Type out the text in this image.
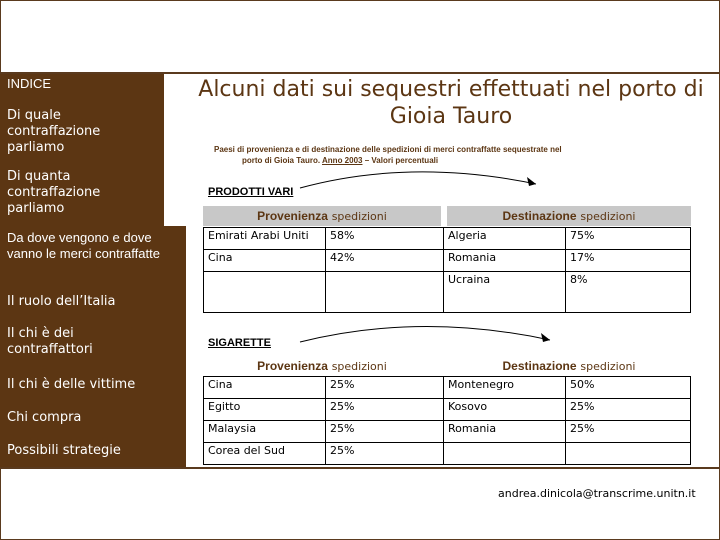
INDICE
Di quale contraffazione parliamo
Di quanta contraffazione parliamo
Da dove vengono e dove vanno le merci contraffatte
Il ruolo dell’Italia
Il chi è dei contraffattori
Il chi è delle vittime
Chi compra
Possibili strategie
Alcuni dati sui sequestri effettuati nel porto di Gioia Tauro
Paesi di provenienza e di destinazione delle spedizioni di merci contraffatte sequestrate nel
porto di Gioia Tauro. Anno 2003 – Valori percentuali
PRODOTTI VARI
Provenienza spedizioni	Destinazione spedizioni
Emirati Arabi Uniti	58%	Algeria	75%
Cina	42%	Romania	17%
		Ucraina	8%
SIGARETTE
Provenienza spedizioni	Destinazione spedizioni
Cina	25%	Montenegro	50%
Egitto	25%	Kosovo	25%
Malaysia	25%	Romania	25%
Corea del Sud	25%		
andrea.dinicola@transcrime.unitn.it
